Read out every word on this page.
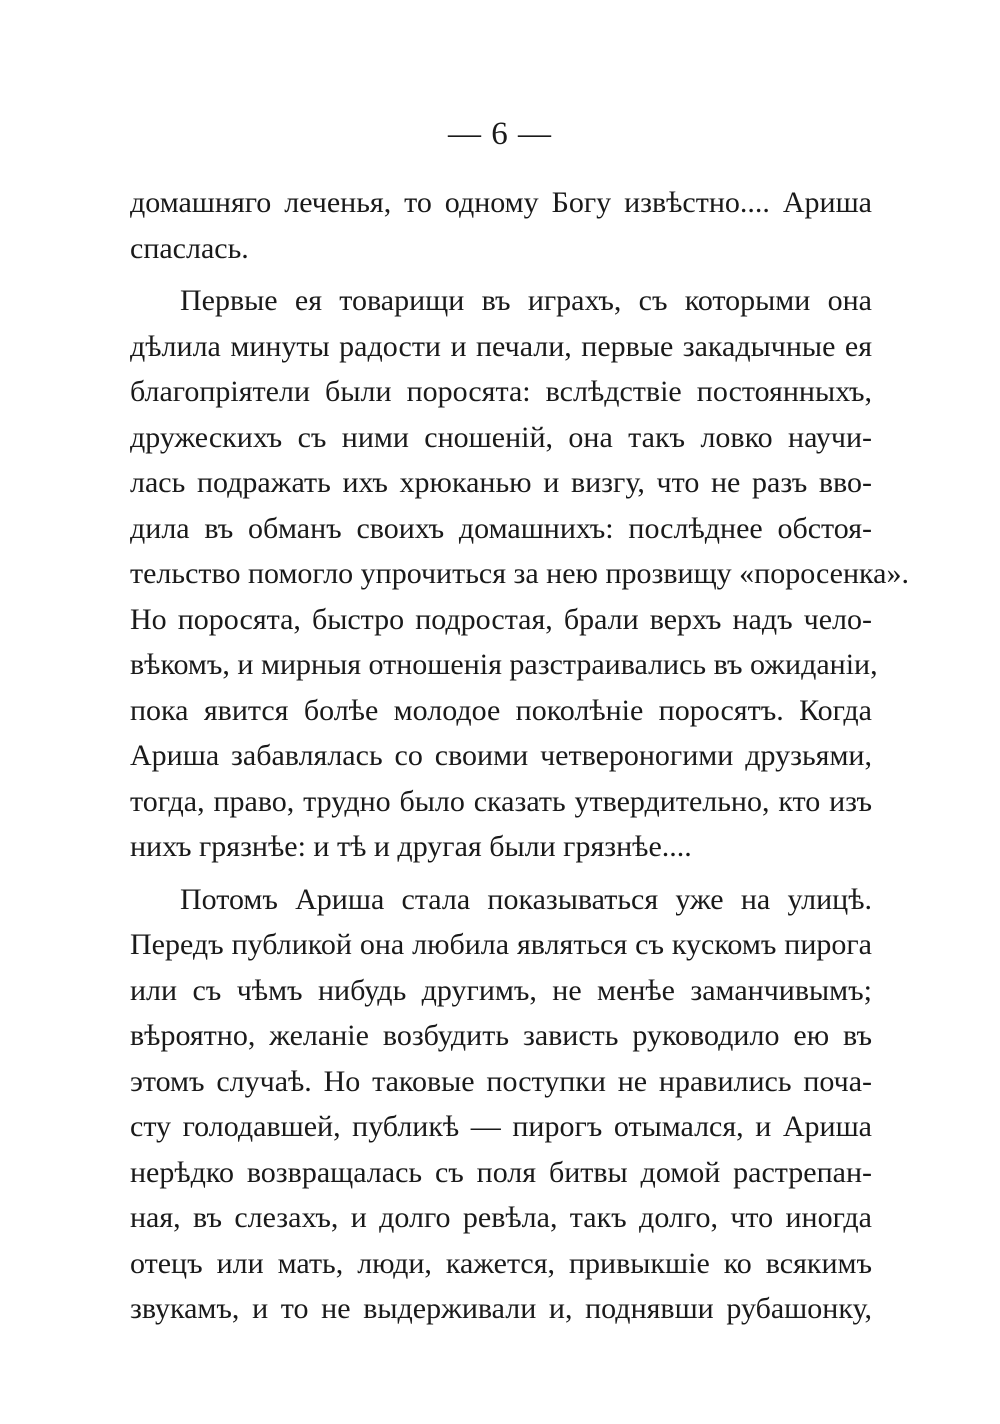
— 6 —
домашняго леченья, то одному Богу извѣстно.... Ариша
спаслась.
Первые ея товарищи въ играхъ, съ которыми она
дѣлила минуты радости и печали, первые закадычные ея
благопріятели были поросята: вслѣдствіе постоянныхъ,
дружескихъ съ ними сношеній, она такъ ловко научи-
лась подражать ихъ хрюканью и визгу, что не разъ вво-
дила въ обманъ своихъ домашнихъ: послѣднее обстоя-
тельство помогло упрочиться за нею прозвищу «поросенка».
Но поросята, быстро подростая, брали верхъ надъ чело-
вѣкомъ, и мирныя отношенія разстраивались въ ожиданіи,
пока явится болѣе молодое поколѣніе поросятъ. Когда
Ариша забавлялась со своими четвероногими друзьями,
тогда, право, трудно было сказать утвердительно, кто изъ
нихъ грязнѣе: и тѣ и другая были грязнѣе....
Потомъ Ариша стала показываться уже на улицѣ.
Передъ публикой она любила являться съ кускомъ пирога
или съ чѣмъ нибудь другимъ, не менѣе заманчивымъ;
вѣроятно, желаніе возбудить зависть руководило ею въ
этомъ случаѣ. Но таковые поступки не нравились поча-
сту голодавшей, публикѣ — пирогъ отымался, и Ариша
нерѣдко возвращалась съ поля битвы домой растрепан-
ная, въ слезахъ, и долго ревѣла, такъ долго, что иногда
отецъ или мать, люди, кажется, привыкшіе ко всякимъ
звукамъ, и то не выдерживали и, поднявши рубашонку,
